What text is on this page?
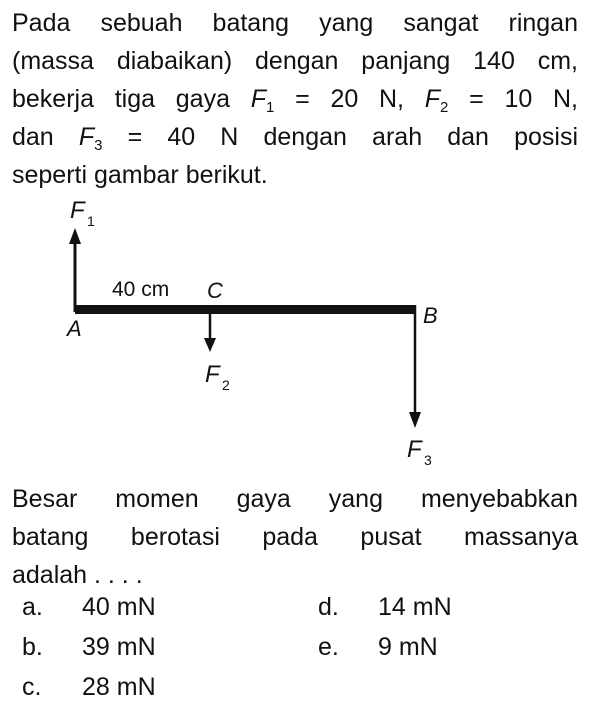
Pada sebuah batang yang sangat ringan
(massa diabaikan) dengan panjang 140 cm,
bekerja tiga gaya $F_1 = 20$ N, $F_2 = 10$ N,
dan $F_3 = 40$ N dengan arah dan posisi
seperti gambar berikut.
F 1
40 cm C
A
B
F 2
F 3
Besar momen gaya yang menyebabkan
batang berotasi pada pusat massanya
adalah . . . .
a. 40 mN
b. 39 mN
c. 28 mN
d. 14 mN
e. 9 mN
